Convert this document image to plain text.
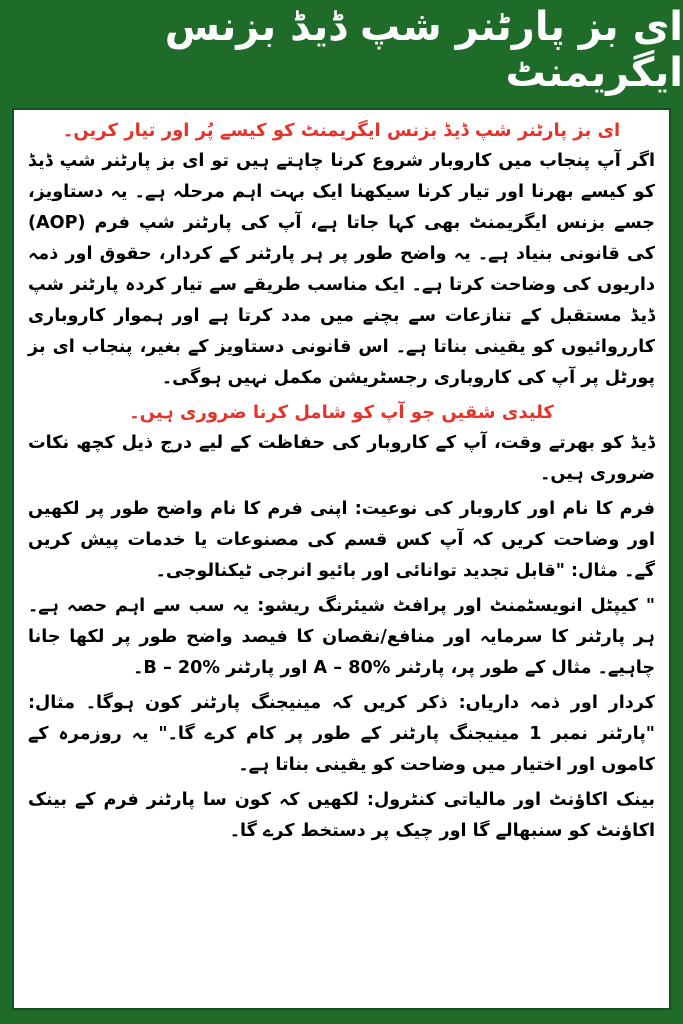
ای بز پارٹنر شپ ڈیڈ بزنس ایگریمنٹ
ای بز پارٹنر شپ ڈیڈ بزنس ایگریمنٹ کو کیسے پُر اور تیار کریں۔

اگر آپ پنجاب میں کاروبار شروع کرنا چاہتے ہیں تو ای بز پارٹنر شپ ڈیڈ کو کیسے بھرنا اور تیار کرنا سیکھنا ایک بہت اہم مرحلہ ہے۔ یہ دستاویز، جسے بزنس ایگریمنٹ بھی کہا جاتا ہے، آپ کی پارٹنر شپ فرم (AOP) کی قانونی بنیاد ہے۔ یہ واضح طور پر ہر پارٹنر کے کردار، حقوق اور ذمہ داریوں کی وضاحت کرتا ہے۔ ایک مناسب طریقے سے تیار کردہ پارٹنر شپ ڈیڈ مستقبل کے تنازعات سے بچنے میں مدد کرتا ہے اور ہموار کاروباری کارروائیوں کو یقینی بناتا ہے۔ اس قانونی دستاویز کے بغیر، پنجاب ای بز پورٹل پر آپ کی کاروباری رجسٹریشن مکمل نہیں ہوگی۔

کلیدی شقیں جو آپ کو شامل کرنا ضروری ہیں۔

ڈیڈ کو بھرتے وقت، آپ کے کاروبار کی حفاظت کے لیے درج ذیل کچھ نکات ضروری ہیں۔

فرم کا نام اور کاروبار کی نوعیت: اپنی فرم کا نام واضح طور پر لکھیں اور وضاحت کریں کہ آپ کس قسم کی مصنوعات یا خدمات پیش کریں گے۔ مثال: "قابل تجدید توانائی اور بائیو انرجی ٹیکنالوجی۔

" کیپٹل انویسٹمنٹ اور پرافٹ شیئرنگ ریشو: یہ سب سے اہم حصہ ہے۔ ہر پارٹنر کا سرمایہ اور منافع/نقصان کا فیصد واضح طور پر لکھا جانا چاہیے۔ مثال کے طور پر، پارٹنر A – 80% اور پارٹنر B – 20%۔

کردار اور ذمہ داریاں: ذکر کریں کہ مینیجنگ پارٹنر کون ہوگا۔ مثال: "پارٹنر نمبر 1 مینیجنگ پارٹنر کے طور پر کام کرے گا۔" یہ روزمرہ کے کاموں اور اختیار میں وضاحت کو یقینی بناتا ہے۔

بینک اکاؤنٹ اور مالیاتی کنٹرول: لکھیں کہ کون سا پارٹنر فرم کے بینک اکاؤنٹ کو سنبھالے گا اور چیک پر دستخط کرے گا۔
